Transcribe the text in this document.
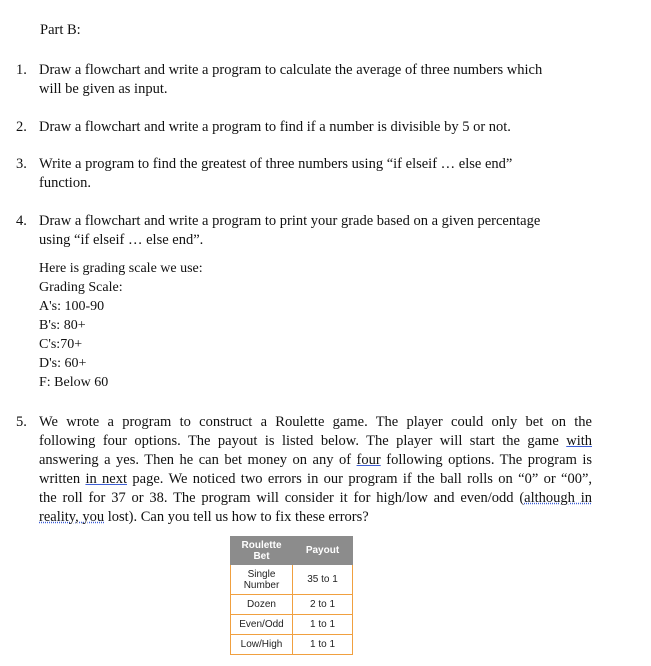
Part B:
1. Draw a flowchart and write a program to calculate the average of three numbers which
will be given as input.
2. Draw a flowchart and write a program to find if a number is divisible by 5 or not.
3. Write a program to find the greatest of three numbers using “if elseif … else end”
function.
4. Draw a flowchart and write a program to print your grade based on a given percentage
using “if elseif … else end”.
Here is grading scale we use:
Grading Scale:
A's: 100-90
B's: 80+
C's:70+
D's: 60+
F: Below 60
5. We wrote a program to construct a Roulette game. The player could only bet on the
following four options. The payout is listed below. The player will start the game with
answering a yes. Then he can bet money on any of four following options. The program is
written in next page. We noticed two errors in our program if the ball rolls on “0” or “00”,
the roll for 37 or 38. The program will consider it for high/low and even/odd (although in
reality, you lost). Can you tell us how to fix these errors?
Roulette Bet	Payout

Single Number	35 to 1
Dozen	2 to 1
Even/Odd	1 to 1
Low/High	1 to 1
